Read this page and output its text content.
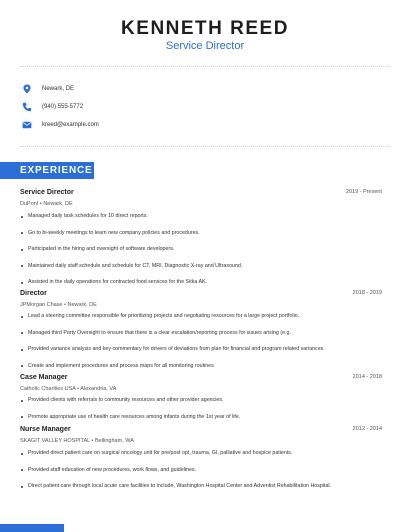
KENNETH REED
Service Director
Newark, DE
(940) 555-5772
kreed@example.com
EXPERIENCE
Service Director	2019 - Present
DuPont • Newark, DE
Managed daily task schedules for 10 direct reports.
Go to bi-weekly meetings to learn new company policies and procedures.
Participated in the hiring and oversight of software developers.
Maintained daily staff schedule and schedule for CT, MRI, Diagnostic X-ray and Ultrasound.
Assisted in the daily operations for contracted food services for the Sitka AK.
Director	2018 - 2019
JPMorgan Chase • Newark, DE
Lead a steering committee responsible for prioritizing projects and negotiating resources for a large project portfolio.
Managed third Party Oversight to ensure that there is a clear escalation/reporting process for issues arising (e.g.
Provided variance analysis and key commentary for drivers of deviations from plan for financial and program related variances.
Create and implement procedures and process maps for all monitoring routines.
Case Manager	2014 - 2018
Catholic Charities USA • Alexandria, VA
Provided clients with referrals to community resources and other provider agencies.
Promote appropriate use of health care resources among infants during the 1st year of life.
Nurse Manager	2012 - 2014
SKAGIT VALLEY HOSPITAL • Bellingham, WA
Provided direct patient care on surgical oncology unit for pre/post opt, trauma, GI, palliative and hospice patients.
Provided staff education of new procedures, work flows, and guidelines.
Direct patient care through local acute care facilities to include, Washington Hospital Center and Adventist Rehabilitation Hospital.
